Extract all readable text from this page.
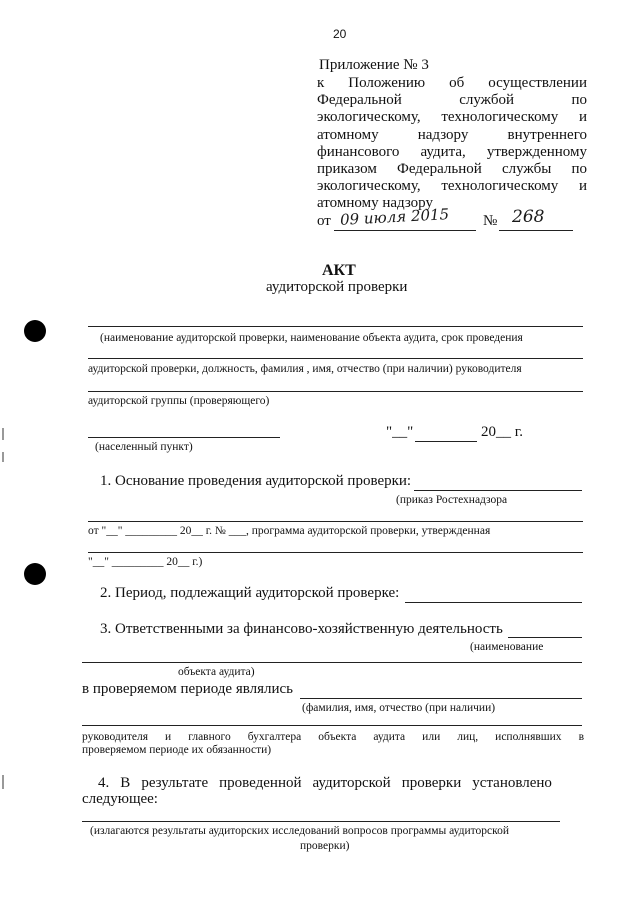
20
Приложение № 3
к Положению об осуществлении
Федеральной	службой	по
экологическому, технологическому и
атомному	надзору	внутреннего
финансового аудита, утвержденному
приказом Федеральной службы по
экологическому, технологическому и
атомному надзору
от 09 июля 2015 № 268
АКТ
аудиторской проверки
(наименование аудиторской проверки, наименование объекта аудита, срок проведения
аудиторской проверки, должность, фамилия , имя, отчество (при наличии) руководителя
аудиторской группы (проверяющего)
(населенный пункт)
"__"	20__ г.
1. Основание проведения аудиторской проверки:
(приказ Ростехнадзора
от "__" _________ 20__ г. № ___, программа аудиторской проверки, утвержденная
"__" _________ 20__ г.)
2. Период, подлежащий аудиторской проверке:
3. Ответственными за финансово-хозяйственную деятельность
(наименование
объекта аудита)
в проверяемом периоде являлись
(фамилия, имя, отчество (при наличии)
руководителя и главного бухгалтера объекта аудита или лиц, исполнявших в
проверяемом периоде их обязанности)
4. В результате проведенной аудиторской проверки установлено
следующее:
(излагаются результаты аудиторских исследований вопросов программы аудиторской
проверки)
